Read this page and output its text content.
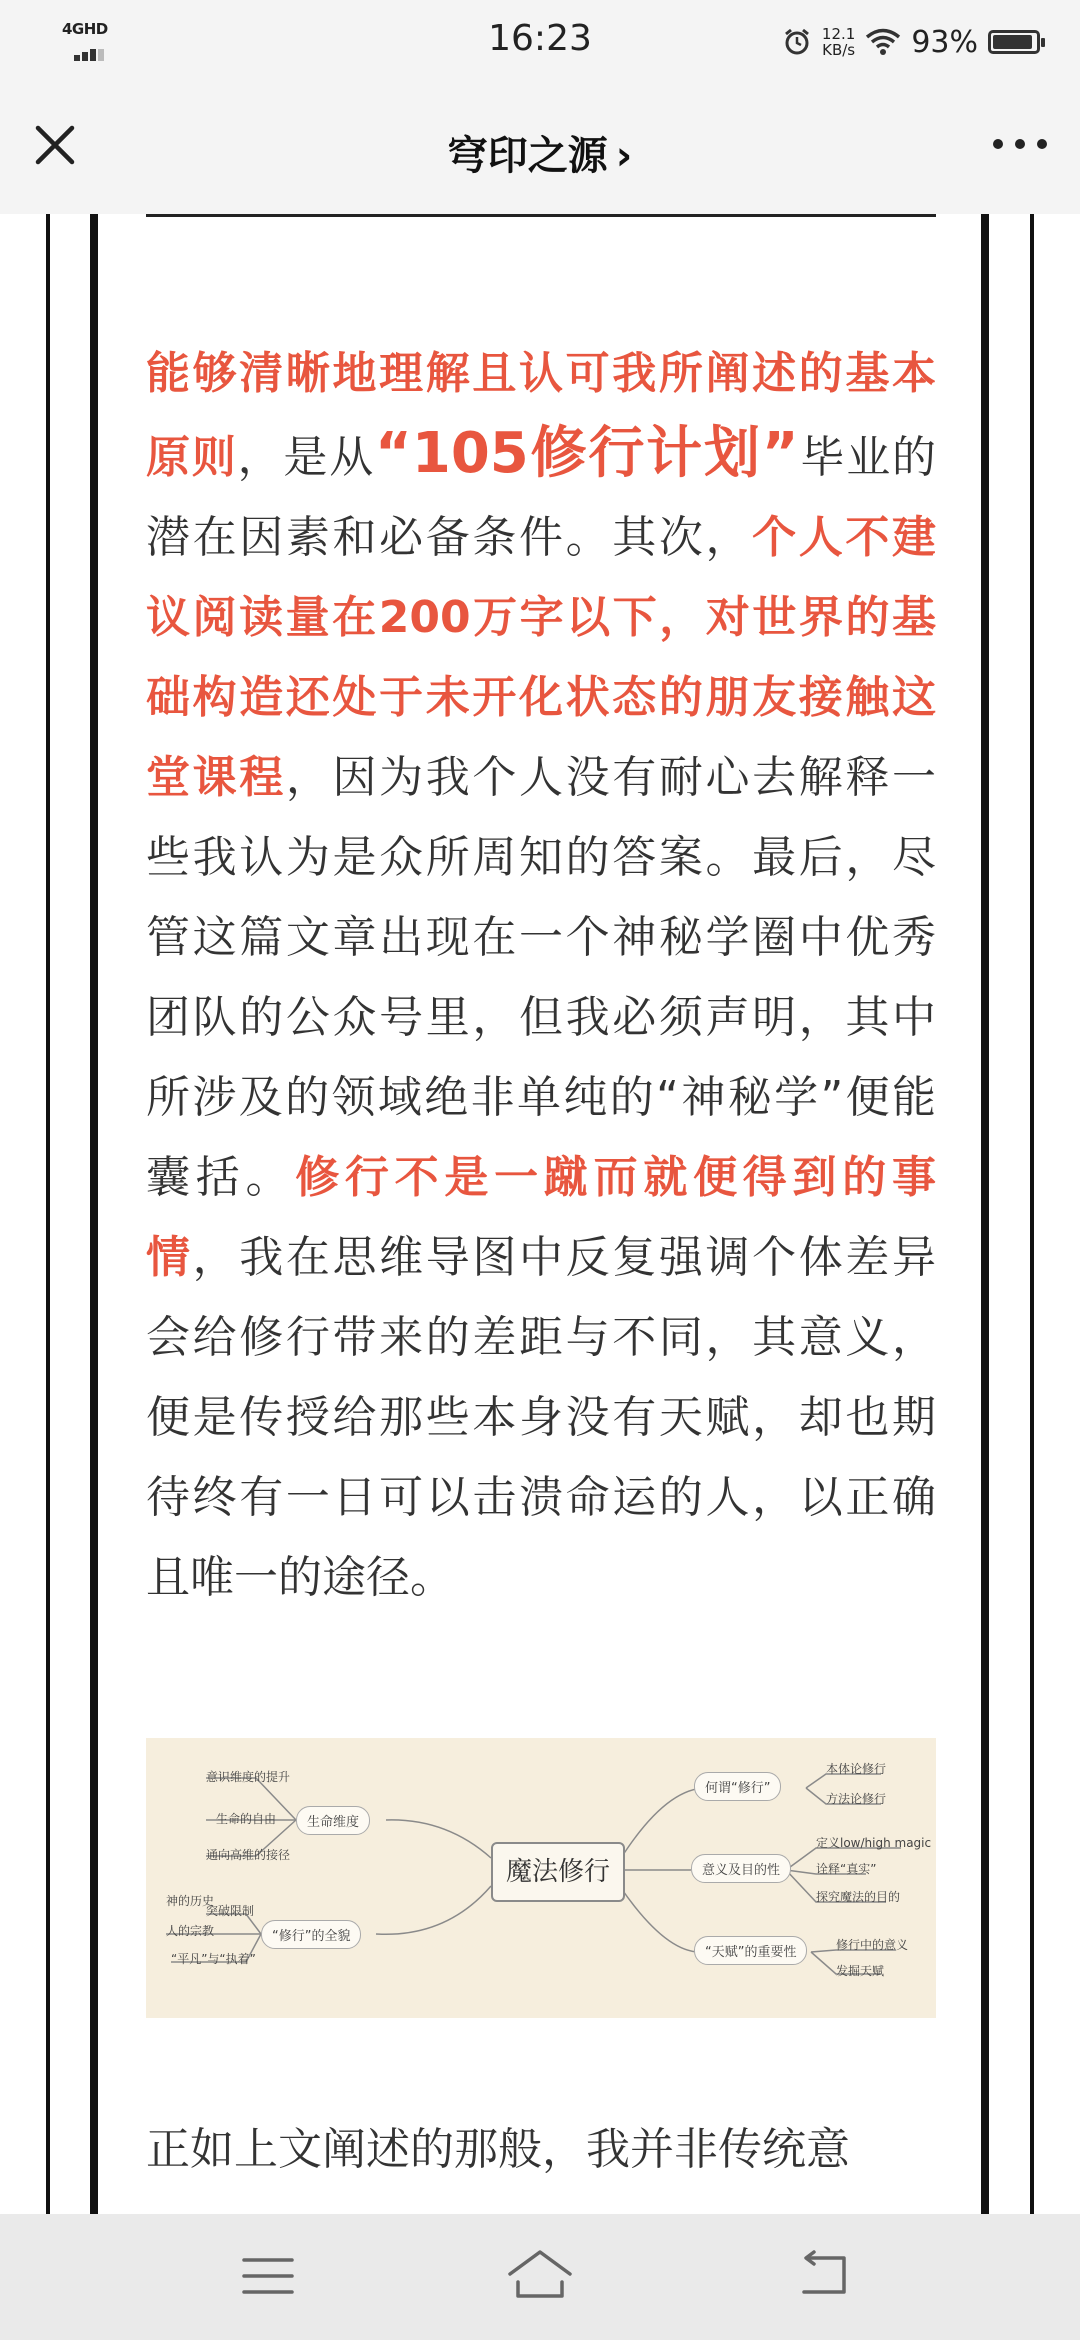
4GHD	16:23	12.1
KB/s 93%
穹印之源 ›
能够清晰地理解且认可我所阐述的基本原则，是从“105修行计划”毕业的潜在因素和必备条件。其次，个人不建议阅读量在200万字以下，对世界的基础构造还处于未开化状态的朋友接触这堂课程，因为我个人没有耐心去解释一些我认为是众所周知的答案。最后，尽管这篇文章出现在一个神秘学圈中优秀团队的公众号里，但我必须声明，其中所涉及的领域绝非单纯的“神秘学”便能囊括。修行不是一蹴而就便得到的事情，我在思维导图中反复强调个体差异会给修行带来的差距与不同，其意义，便是传授给那些本身没有天赋，却也期待终有一日可以击溃命运的人，以正确且唯一的途径。
魔法修行
生命维度
意识维度的提升
生命的自由
通向高维的接径
“修行”的全貌
突破限制
神的历史
人的宗教
“平凡”与“执着”
何谓“修行”
本体论修行
方法论修行
意义及目的性
定义low/high magic
诠释“真实”
探究魔法的目的
“天赋”的重要性	修行中的意义
发掘天赋
正如上文阐述的那般，我并非传统意
